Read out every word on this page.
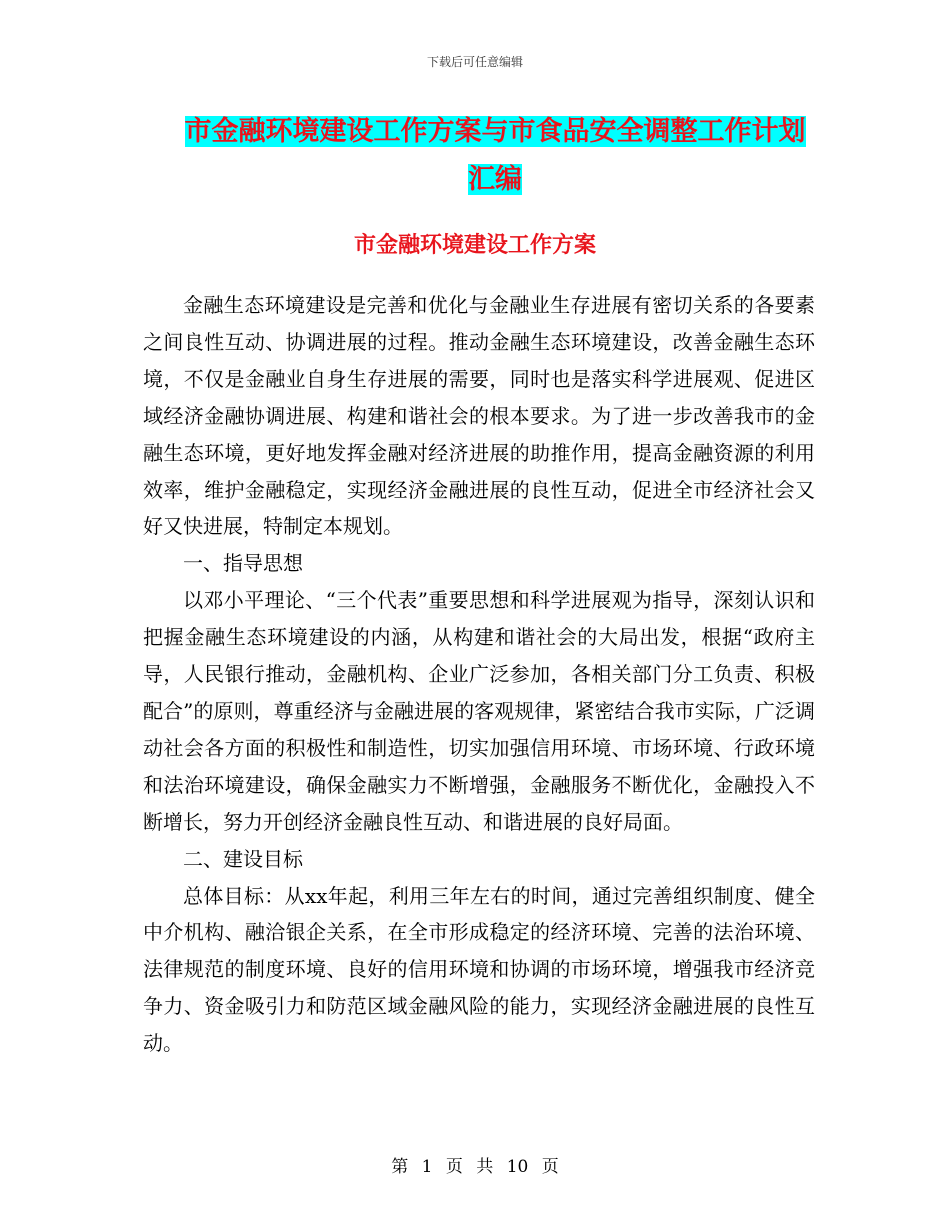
下载后可任意编辑
市金融环境建设工作方案与市食品安全调整工作计划
汇编
市金融环境建设工作方案

金融生态环境建设是完善和优化与金融业生存进展有密切关系的各要素之间良性互动、协调进展的过程。推动金融生态环境建设，改善金融生态环境，不仅是金融业自身生存进展的需要，同时也是落实科学进展观、促进区域经济金融协调进展、构建和谐社会的根本要求。为了进一步改善我市的金融生态环境，更好地发挥金融对经济进展的助推作用，提高金融资源的利用效率，维护金融稳定，实现经济金融进展的良性互动，促进全市经济社会又好又快进展，特制定本规划。

一、指导思想

以邓小平理论、“三个代表”重要思想和科学进展观为指导，深刻认识和把握金融生态环境建设的内涵，从构建和谐社会的大局出发，根据“政府主导，人民银行推动，金融机构、企业广泛参加，各相关部门分工负责、积极配合”的原则，尊重经济与金融进展的客观规律，紧密结合我市实际，广泛调动社会各方面的积极性和制造性，切实加强信用环境、市场环境、行政环境和法治环境建设，确保金融实力不断增强，金融服务不断优化，金融投入不断增长，努力开创经济金融良性互动、和谐进展的良好局面。

二、建设目标

总体目标：从xx年起，利用三年左右的时间，通过完善组织制度、健全中介机构、融洽银企关系，在全市形成稳定的经济环境、完善的法治环境、法律规范的制度环境、良好的信用环境和协调的市场环境，增强我市经济竞争力、资金吸引力和防范区域金融风险的能力，实现经济金融进展的良性互动。

第 1 页 共 10 页
